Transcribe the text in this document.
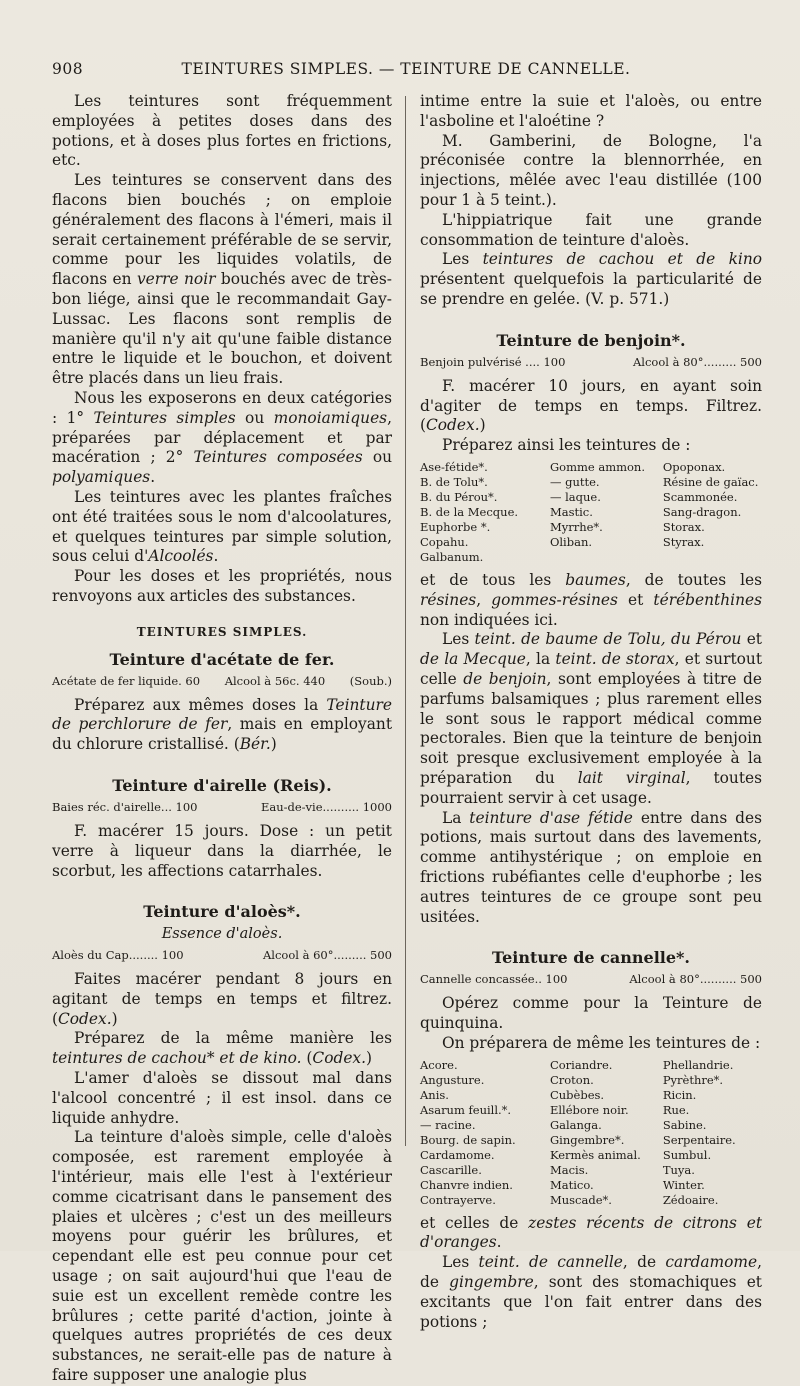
908	TEINTURES SIMPLES. — TEINTURE DE CANNELLE.

Les teintures sont fréquemment employées à petites doses dans des potions, et à doses plus fortes en frictions, etc.

Les teintures se conservent dans des flacons bien bouchés ; on emploie généralement des flacons à l'émeri, mais il serait certainement préférable de se servir, comme pour les liquides volatils, de flacons en verre noir bouchés avec de très-bon liége, ainsi que le recommandait Gay-Lussac. Les flacons sont remplis de manière qu'il n'y ait qu'une faible distance entre le liquide et le bouchon, et doivent être placés dans un lieu frais.

Nous les exposerons en deux catégories : 1° Teintures simples ou monoiamiques, préparées par déplacement et par macération ; 2° Teintures composées ou polyamiques.

Les teintures avec les plantes fraîches ont été traitées sous le nom d'alcoolatures, et quelques teintures par simple solution, sous celui d'Alcoolés.

Pour les doses et les propriétés, nous renvoyons aux articles des substances.

TEINTURES SIMPLES.
Teinture d'acétate de fer.
Acétate de fer liquide. 60 Alcool à 56c. 440 (Soub.)

Préparez aux mêmes doses la Teinture de perchlorure de fer, mais en employant du chlorure cristallisé. (Bér.)

Teinture d'airelle (Reis).
Baies réc. d'airelle... 100	Eau-de-vie.......... 1000

F. macérer 15 jours. Dose : un petit verre à liqueur dans la diarrhée, le scorbut, les affections catarrhales.

Teinture d'aloès*.
Essence d'aloès.
Aloès du Cap........ 100	Alcool à 60°......... 500

Faites macérer pendant 8 jours en agitant de temps en temps et filtrez. (Codex.)

Préparez de la même manière les teintures de cachou* et de kino. (Codex.)

L'amer d'aloès se dissout mal dans l'alcool concentré ; il est insol. dans ce liquide anhydre.

La teinture d'aloès simple, celle d'aloès composée, est rarement employée à l'intérieur, mais elle l'est à l'extérieur comme cicatrisant dans le pansement des plaies et ulcères ; c'est un des meilleurs moyens pour guérir les brûlures, et cependant elle est peu connue pour cet usage ; on sait aujourd'hui que l'eau de suie est un excellent remède contre les brûlures ; cette parité d'action, jointe à quelques autres propriétés de ces deux substances, ne serait-elle pas de nature à faire supposer une analogie plus

intime entre la suie et l'aloès, ou entre l'asboline et l'aloétine ?

M. Gamberini, de Bologne, l'a préconisée contre la blennorrhée, en injections, mêlée avec l'eau distillée (100 pour 1 à 5 teint.).

L'hippiatrique fait une grande consommation de teinture d'aloès.

Les teintures de cachou et de kino présentent quelquefois la particularité de se prendre en gelée. (V. p. 571.)

Teinture de benjoin*.
Benjoin pulvérisé .... 100	Alcool à 80°......... 500

F. macérer 10 jours, en ayant soin d'agiter de temps en temps. Filtrez. (Codex.)

Préparez ainsi les teintures de :

Ase-fétide*.	Gomme ammon.	Opoponax.
B. de Tolu*.	— gutte.	Résine de gaïac.
B. du Pérou*.	— laque.	Scammonée.
B. de la Mecque.	Mastic.	Sang-dragon.
Euphorbe *.	Myrrhe*.	Storax.
Copahu.	Oliban.	Styrax.
Galbanum.

et de tous les baumes, de toutes les résines, gommes-résines et térébenthines non indiquées ici.

Les teint. de baume de Tolu, du Pérou et de la Mecque, la teint. de storax, et surtout celle de benjoin, sont employées à titre de parfums balsamiques ; plus rarement elles le sont sous le rapport médical comme pectorales. Bien que la teinture de benjoin soit presque exclusivement employée à la préparation du lait virginal, toutes pourraient servir à cet usage.

La teinture d'ase fétide entre dans des potions, mais surtout dans des lavements, comme antihystérique ; on emploie en frictions rubéfiantes celle d'euphorbe ; les autres teintures de ce groupe sont peu usitées.

Teinture de cannelle*.
Cannelle concassée.. 100	Alcool à 80°.......... 500

Opérez comme pour la Teinture de quinquina.

On préparera de même les teintures de :

Acore.	Coriandre.	Phellandrie.
Angusture.	Croton.	Pyrèthre*.
Anis.	Cubèbes.	Ricin.
Asarum feuill.*.	Ellébore noir.	Rue.
— racine.	Galanga.	Sabine.
Bourg. de sapin.	Gingembre*.	Serpentaire.
Cardamome.	Kermès animal.	Sumbul.
Cascarille.	Macis.	Tuya.
Chanvre indien.	Matico.	Winter.
Contrayerve.	Muscade*.	Zédoaire.

et celles de zestes récents de citrons et d'oranges.

Les teint. de cannelle, de cardamome, de gingembre, sont des stomachiques et excitants que l'on fait entrer dans des potions ;
